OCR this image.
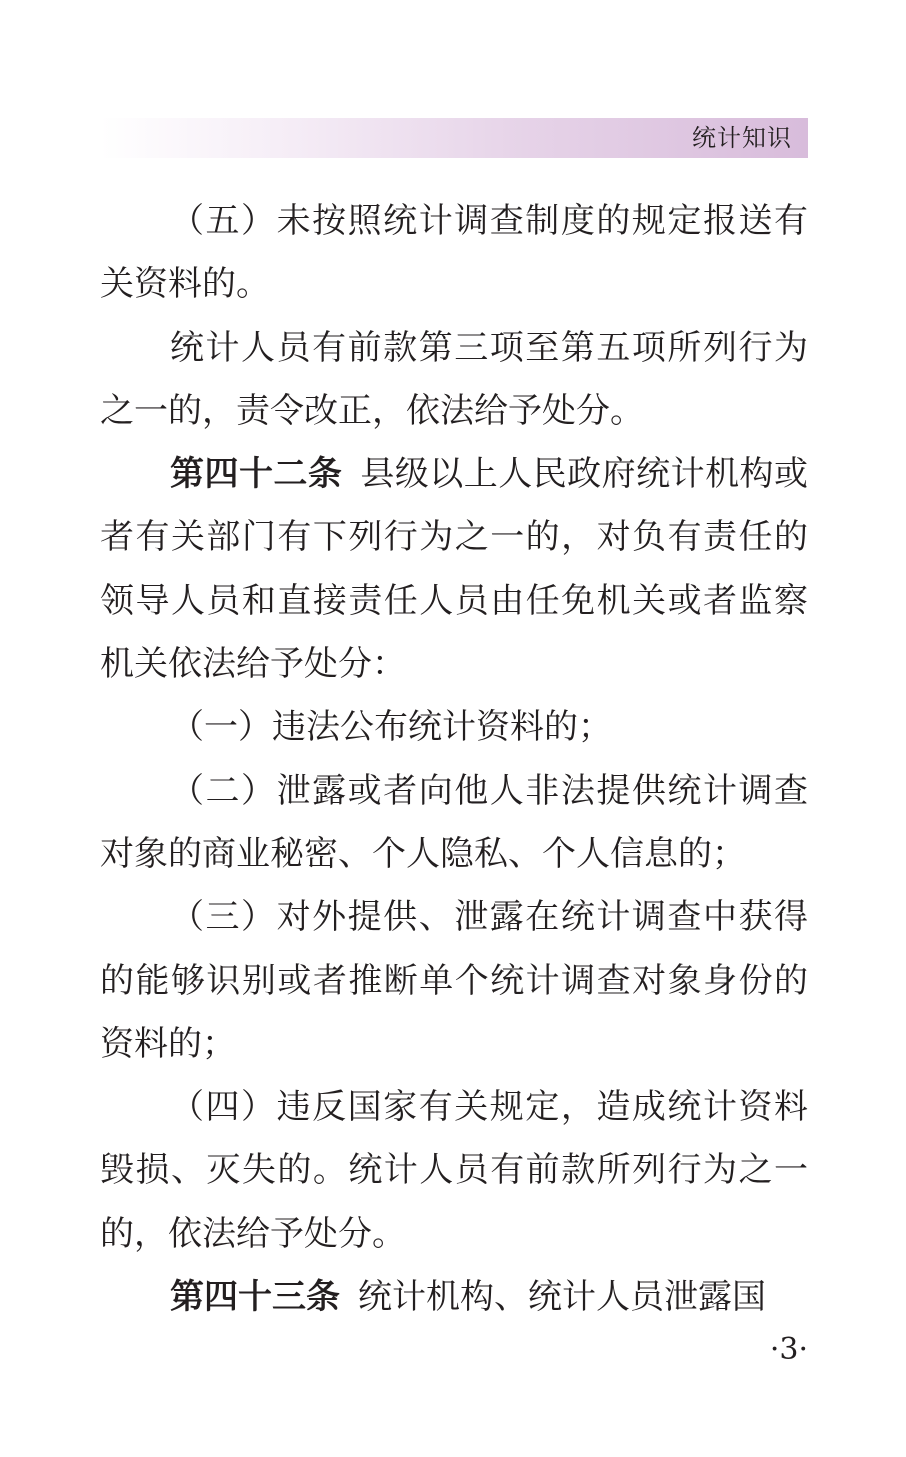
统计知识

（五）未按照统计调查制度的规定报送有关资料的。

统计人员有前款第三项至第五项所列行为之一的，责令改正，依法给予处分。

第四十二条 县级以上人民政府统计机构或者有关部门有下列行为之一的，对负有责任的领导人员和直接责任人员由任免机关或者监察机关依法给予处分：

（一）违法公布统计资料的；

（二）泄露或者向他人非法提供统计调查对象的商业秘密、个人隐私、个人信息的；

（三）对外提供、泄露在统计调查中获得的能够识别或者推断单个统计调查对象身份的资料的；

（四）违反国家有关规定，造成统计资料毁损、灭失的。统计人员有前款所列行为之一的，依法给予处分。

第四十三条 统计机构、统计人员泄露国

·3·
